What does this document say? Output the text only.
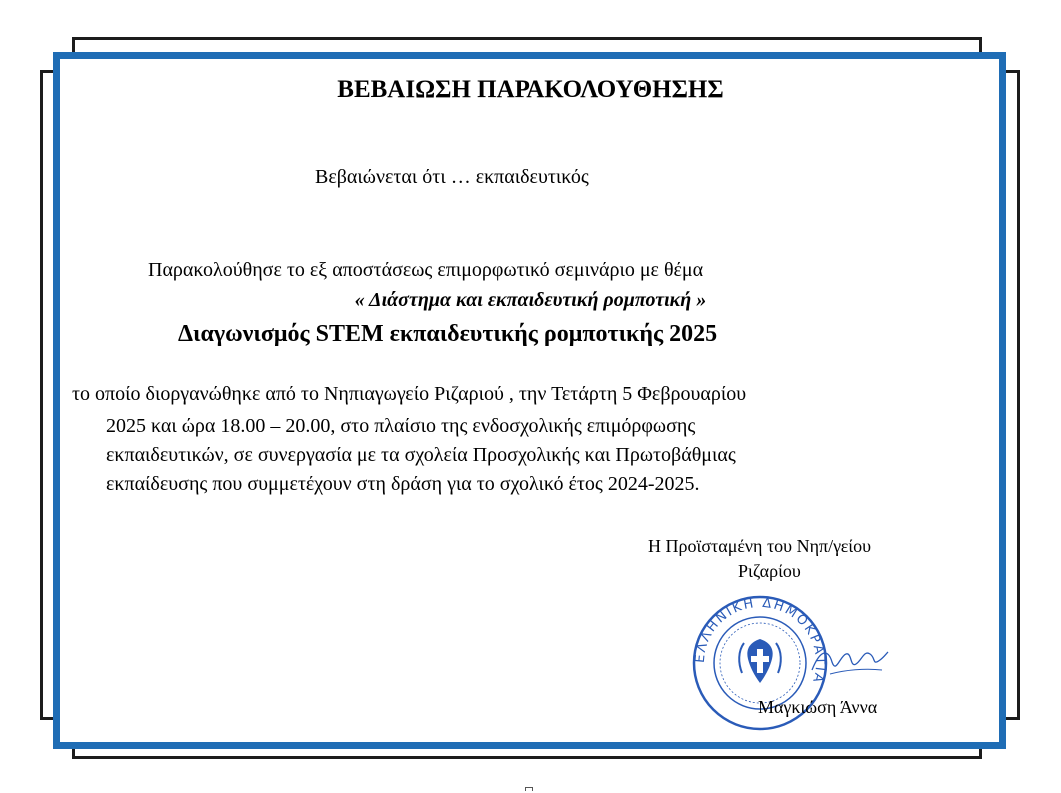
ΒΕΒΑΙΩΣΗ ΠΑΡΑΚΟΛΟΥΘΗΣΗΣ
Βεβαιώνεται ότι … εκπαιδευτικός
Παρακολούθησε το εξ αποστάσεως επιμορφωτικό σεμινάριο με θέμα
« Διάστημα και εκπαιδευτική ρομποτική »
Διαγωνισμός STEM εκπαιδευτικής ρομποτικής 2025
το οποίο διοργανώθηκε από το Νηπιαγωγείο Ριζαριού , την Τετάρτη 5 Φεβρουαρίου
2025 και ώρα 18.00 – 20.00, στο πλαίσιο της ενδοσχολικής επιμόρφωσης
εκπαιδευτικών, σε συνεργασία με τα σχολεία Προσχολικής και Πρωτοβάθμιας
εκπαίδευσης που συμμετέχουν στη δράση για το σχολικό έτος 2024-2025.
Η Προϊσταμένη του Νηπ/γείου
Ριζαρίου
ΕΛΛΗΝΙΚΗ ΔΗΜΟΚΡΑΤΙΑ
Μαγκιώση Άννα
